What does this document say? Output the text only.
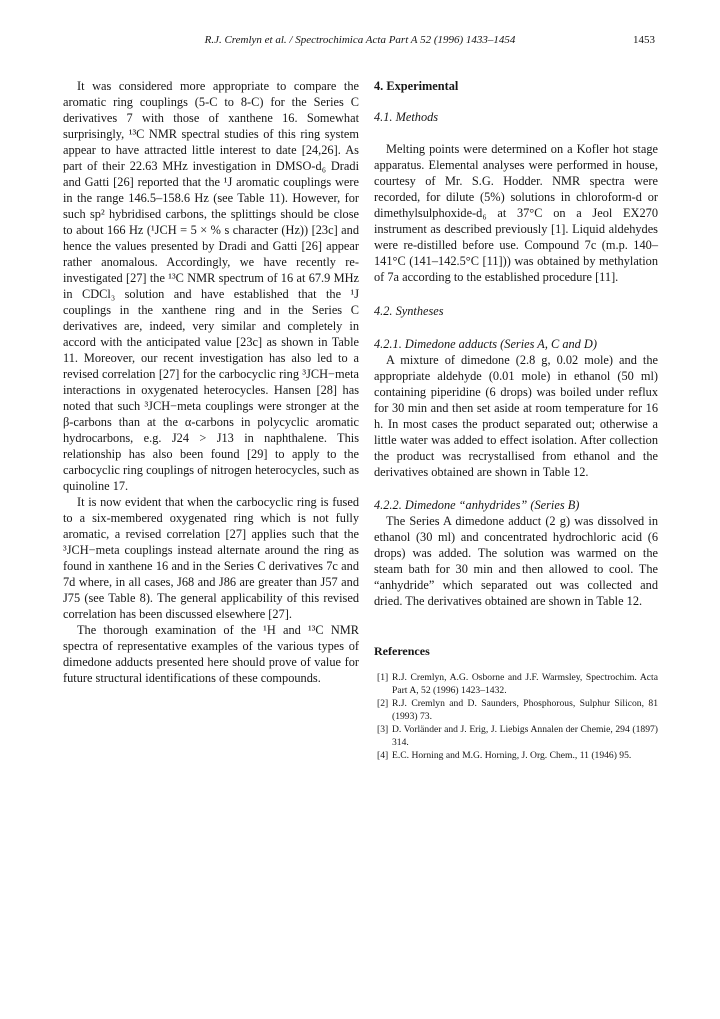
R.J. Cremlyn et al. / Spectrochimica Acta Part A 52 (1996) 1433–1454	1453

It was considered more appropriate to compare the aromatic ring couplings (5-C to 8-C) for the Series C derivatives 7 with those of xanthene 16. Somewhat surprisingly, ¹³C NMR spectral studies of this ring system appear to have attracted little interest to date [24,26]. As part of their 22.63 MHz investigation in DMSO-d₆ Dradi and Gatti [26] reported that the ¹J aromatic couplings were in the range 146.5–158.6 Hz (see Table 11). However, for such sp² hybridised carbons, the splittings should be close to about 166 Hz (¹JCH = 5 × % s character (Hz)) [23c] and hence the values presented by Dradi and Gatti [26] appear rather anomalous. Accordingly, we have recently re-investigated [27] the ¹³C NMR spectrum of 16 at 67.9 MHz in CDCl₃ solution and have established that the ¹J couplings in the xanthene ring and in the Series C derivatives are, indeed, very similar and completely in accord with the anticipated value [23c] as shown in Table 11. Moreover, our recent investigation has also led to a revised correlation [27] for the carbocyclic ring ³JCH−meta interactions in oxygenated heterocycles. Hansen [28] has noted that such ³JCH−meta couplings were stronger at the β-carbons than at the α-carbons in polycyclic aromatic hydrocarbons, e.g. J24 > J13 in naphthalene. This relationship has also been found [29] to apply to the carbocyclic ring couplings of nitrogen heterocycles, such as quinoline 17.

It is now evident that when the carbocyclic ring is fused to a six-membered oxygenated ring which is not fully aromatic, a revised correlation [27] applies such that the ³JCH−meta couplings instead alternate around the ring as found in xanthene 16 and in the Series C derivatives 7c and 7d where, in all cases, J68 and J86 are greater than J57 and J75 (see Table 8). The general applicability of this revised correlation has been discussed elsewhere [27].

The thorough examination of the ¹H and ¹³C NMR spectra of representative examples of the various types of dimedone adducts presented here should prove of value for future structural identifications of these compounds.

4. Experimental
4.1. Methods

Melting points were determined on a Kofler hot stage apparatus. Elemental analyses were performed in house, courtesy of Mr. S.G. Hodder. NMR spectra were recorded, for dilute (5%) solutions in chloroform-d or dimethylsulphoxide-d₆ at 37°C on a Jeol EX270 instrument as described previously [1]. Liquid aldehydes were re-distilled before use. Compound 7c (m.p. 140–141°C (141–142.5°C [11])) was obtained by methylation of 7a according to the established procedure [11].

4.2. Syntheses
4.2.1. Dimedone adducts (Series A, C and D)

A mixture of dimedone (2.8 g, 0.02 mole) and the appropriate aldehyde (0.01 mole) in ethanol (50 ml) containing piperidine (6 drops) was boiled under reflux for 30 min and then set aside at room temperature for 16 h. In most cases the product separated out; otherwise a little water was added to effect isolation. After collection the product was recrystallised from ethanol and the derivatives obtained are shown in Table 12.

4.2.2. Dimedone “anhydrides” (Series B)

The Series A dimedone adduct (2 g) was dissolved in ethanol (30 ml) and concentrated hydrochloric acid (6 drops) was added. The solution was warmed on the steam bath for 30 min and then allowed to cool. The “anhydride” which separated out was collected and dried. The derivatives obtained are shown in Table 12.

References
[1] R.J. Cremlyn, A.G. Osborne and J.F. Warmsley, Spectrochim. Acta Part A, 52 (1996) 1423–1432.
[2] R.J. Cremlyn and D. Saunders, Phosphorous, Sulphur Silicon, 81 (1993) 73.
[3] D. Vorländer and J. Erig, J. Liebigs Annalen der Chemie, 294 (1897) 314.
[4] E.C. Horning and M.G. Horning, J. Org. Chem., 11 (1946) 95.
